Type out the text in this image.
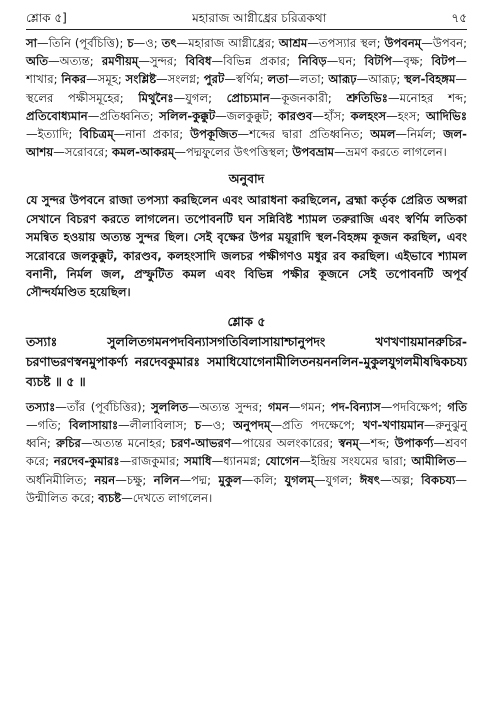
শ্লোক ৫]	মহারাজ আগ্নীধ্রের চরিত্রকথা	৭৫

সা—তিনি (পূর্বচিত্তি); চ—ও; তৎ—মহারাজ আগ্নীধ্রের; আশ্রম—তপস্যার স্থল; উপবনম্—উপবন; অতি—অত্যন্ত; রমণীয়ম্—সুন্দর; বিবিধ—বিভিন্ন প্রকার; নিবিড়—ঘন; বিটপি—বৃক্ষ; বিটপ—শাখার; নিকর—সমূহ; সংশ্লিষ্ট—সংলগ্ন; পুরট—স্বর্ণিম; লতা—লতা; আরূঢ়—আরূঢ়; স্থল-বিহঙ্গম—স্থলের পক্ষীসমূহের; মিথুনৈঃ—যুগল; প্রোচ্যমান—কূজনকারী; শ্রুতিভিঃ—মনোহর শব্দ; প্রতিবোধ্যমান—প্রতিধ্বনিত; সলিল-কুক্কুট—জলকুক্কুট; কারণ্ডব—হাঁস; কলহংস—হংস; আদিভিঃ—ইত্যাদি; বিচিত্রম্—নানা প্রকার; উপকূজিত—শব্দের দ্বারা প্রতিধ্বনিত; অমল—নির্মল; জল-আশয়—সরোবরে; কমল-আকরম্—পদ্মফুলের উৎপত্তিস্থল; উপবভ্রাম—ভ্রমণ করতে লাগলেন।

অনুবাদ

যে সুন্দর উপবনে রাজা তপস্যা করছিলেন এবং আরাধনা করছিলেন, ব্রহ্মা কর্তৃক প্রেরিত অপ্সরা সেখানে বিচরণ করতে লাগলেন। তপোবনটি ঘন সন্নিবিষ্ট শ্যামল তরুরাজি এবং স্বর্ণিম লতিকা সমন্বিত হওয়ায় অত্যন্ত সুন্দর ছিল। সেই বৃক্ষের উপর ময়ূরাদি স্থল-বিহঙ্গম কূজন করছিল, এবং সরোবরে জলকুক্কুট, কারণ্ডব, কলহংসাদি জলচর পক্ষীগণও মধুর রব করছিল। এইভাবে শ্যামল বনানী, নির্মল জল, প্রস্ফুটিত কমল এবং বিভিন্ন পক্ষীর কূজনে সেই তপোবনটি অপূর্ব সৌন্দর্যমণ্ডিত হয়েছিল।

শ্লোক ৫

তস্যাঃ সুললিতগমনপদবিন্যাসগতিবিলাসায়াশ্চানুপদং খণখণায়মানরুচির-চরণাভরণস্বনমুপাকর্ণ্য নরদেবকুমারঃ সমাধিযোগেনামীলিতনয়ননলিন-মুকুলযুগলমীষদ্বিকচয্য ব্যচষ্ট ॥ ৫ ॥

তস্যাঃ—তাঁর (পূর্বচিত্তির); সুললিত—অত্যন্ত সুন্দর; গমন—গমন; পদ-বিন্যাস—পদবিক্ষেপ; গতি—গতি; বিলাসায়াঃ—লীলাবিলাস; চ—ও; অনুপদম্—প্রতি পদক্ষেপে; খণ-খণায়মান—রুনুঝুনু ধ্বনি; রুচির—অত্যন্ত মনোহর; চরণ-আভরণ—পায়ের অলংকারের; স্বনম্—শব্দ; উপাকর্ণ্য—শ্রবণ করে; নরদেব-কুমারঃ—রাজকুমার; সমাধি—ধ্যানমগ্ন; যোগেন—ইন্দ্রিয় সংযমের দ্বারা; আমীলিত—অর্ধনিমীলিত; নয়ন—চক্ষু; নলিন—পদ্ম; মুকুল—কলি; যুগলম্—যুগল; ঈষৎ—অল্প; বিকচয্য—উন্মীলিত করে; ব্যচষ্ট—দেখতে লাগলেন।
